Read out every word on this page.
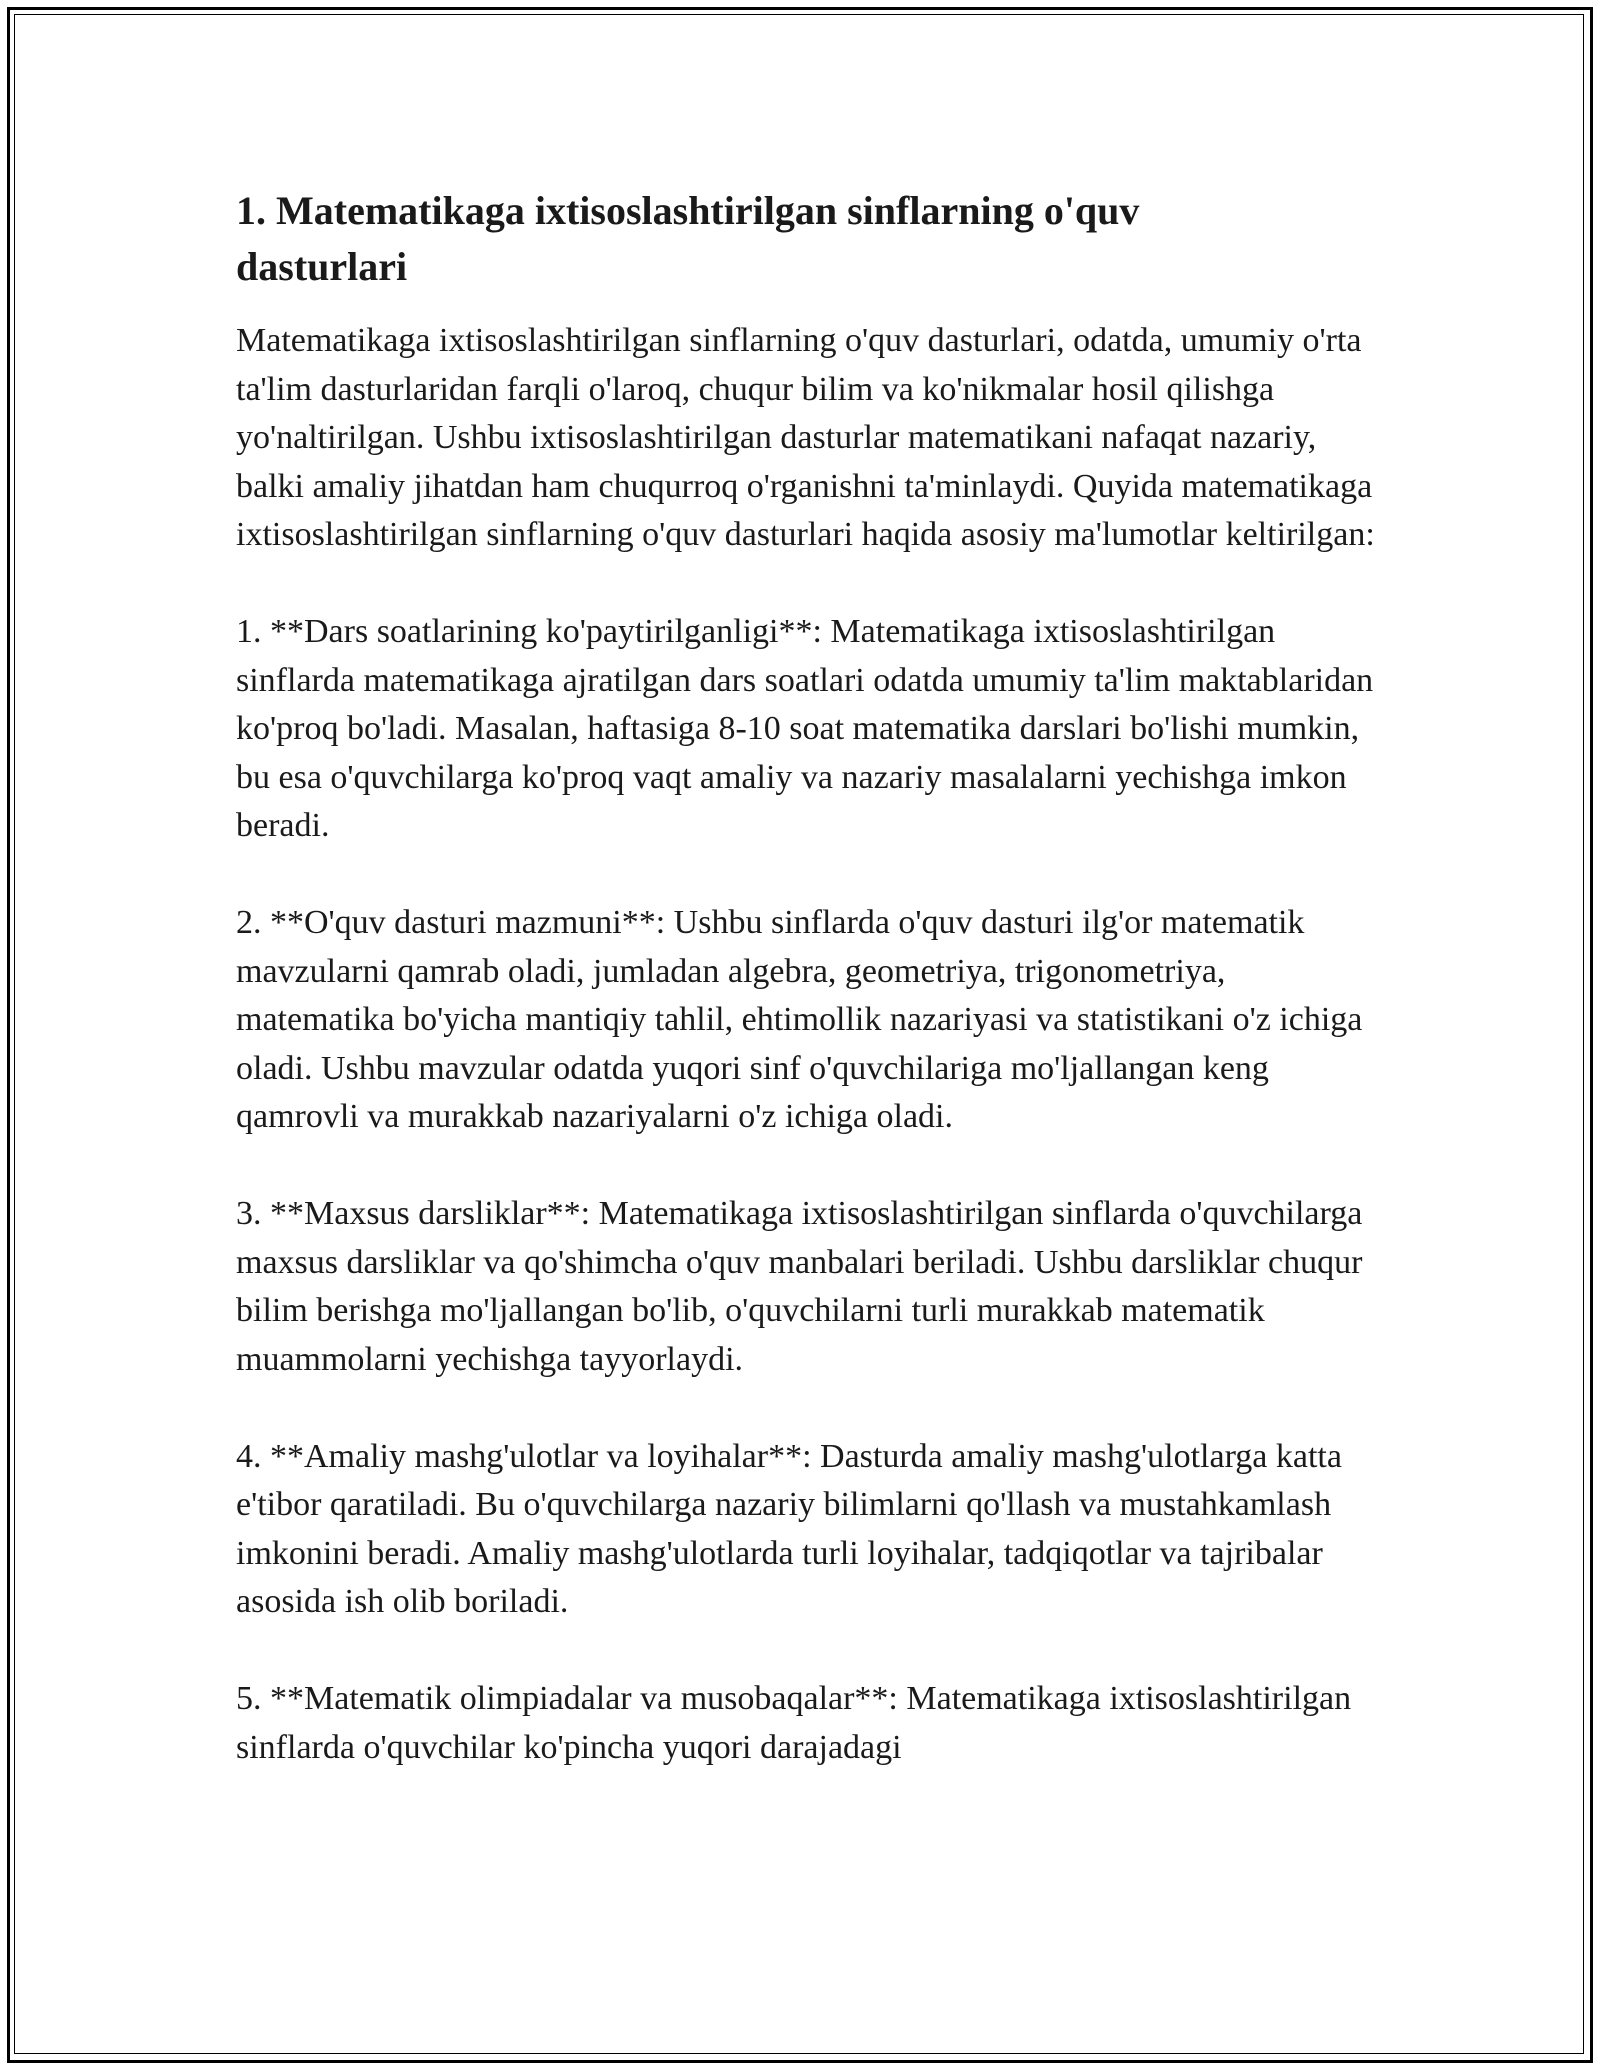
1. Matematikaga ixtisoslashtirilgan sinflarning o'quv dasturlari

Matematikaga ixtisoslashtirilgan sinflarning o'quv dasturlari, odatda, umumiy o'rta ta'lim dasturlaridan farqli o'laroq, chuqur bilim va ko'nikmalar hosil qilishga yo'naltirilgan. Ushbu ixtisoslashtirilgan dasturlar matematikani nafaqat nazariy, balki amaliy jihatdan ham chuqurroq o'rganishni ta'minlaydi. Quyida matematikaga ixtisoslashtirilgan sinflarning o'quv dasturlari haqida asosiy ma'lumotlar keltirilgan:

1. **Dars soatlarining ko'paytirilganligi**: Matematikaga ixtisoslashtirilgan sinflarda matematikaga ajratilgan dars soatlari odatda umumiy ta'lim maktablaridan ko'proq bo'ladi. Masalan, haftasiga 8-10 soat matematika darslari bo'lishi mumkin, bu esa o'quvchilarga ko'proq vaqt amaliy va nazariy masalalarni yechishga imkon beradi.

2. **O'quv dasturi mazmuni**: Ushbu sinflarda o'quv dasturi ilg'or matematik mavzularni qamrab oladi, jumladan algebra, geometriya, trigonometriya, matematika bo'yicha mantiqiy tahlil, ehtimollik nazariyasi va statistikani o'z ichiga oladi. Ushbu mavzular odatda yuqori sinf o'quvchilariga mo'ljallangan keng qamrovli va murakkab nazariyalarni o'z ichiga oladi.

3. **Maxsus darsliklar**: Matematikaga ixtisoslashtirilgan sinflarda o'quvchilarga maxsus darsliklar va qo'shimcha o'quv manbalari beriladi. Ushbu darsliklar chuqur bilim berishga mo'ljallangan bo'lib, o'quvchilarni turli murakkab matematik muammolarni yechishga tayyorlaydi.

4. **Amaliy mashg'ulotlar va loyihalar**: Dasturda amaliy mashg'ulotlarga katta e'tibor qaratiladi. Bu o'quvchilarga nazariy bilimlarni qo'llash va mustahkamlash imkonini beradi. Amaliy mashg'ulotlarda turli loyihalar, tadqiqotlar va tajribalar asosida ish olib boriladi.

5. **Matematik olimpiadalar va musobaqalar**: Matematikaga ixtisoslashtirilgan sinflarda o'quvchilar ko'pincha yuqori darajadagi
